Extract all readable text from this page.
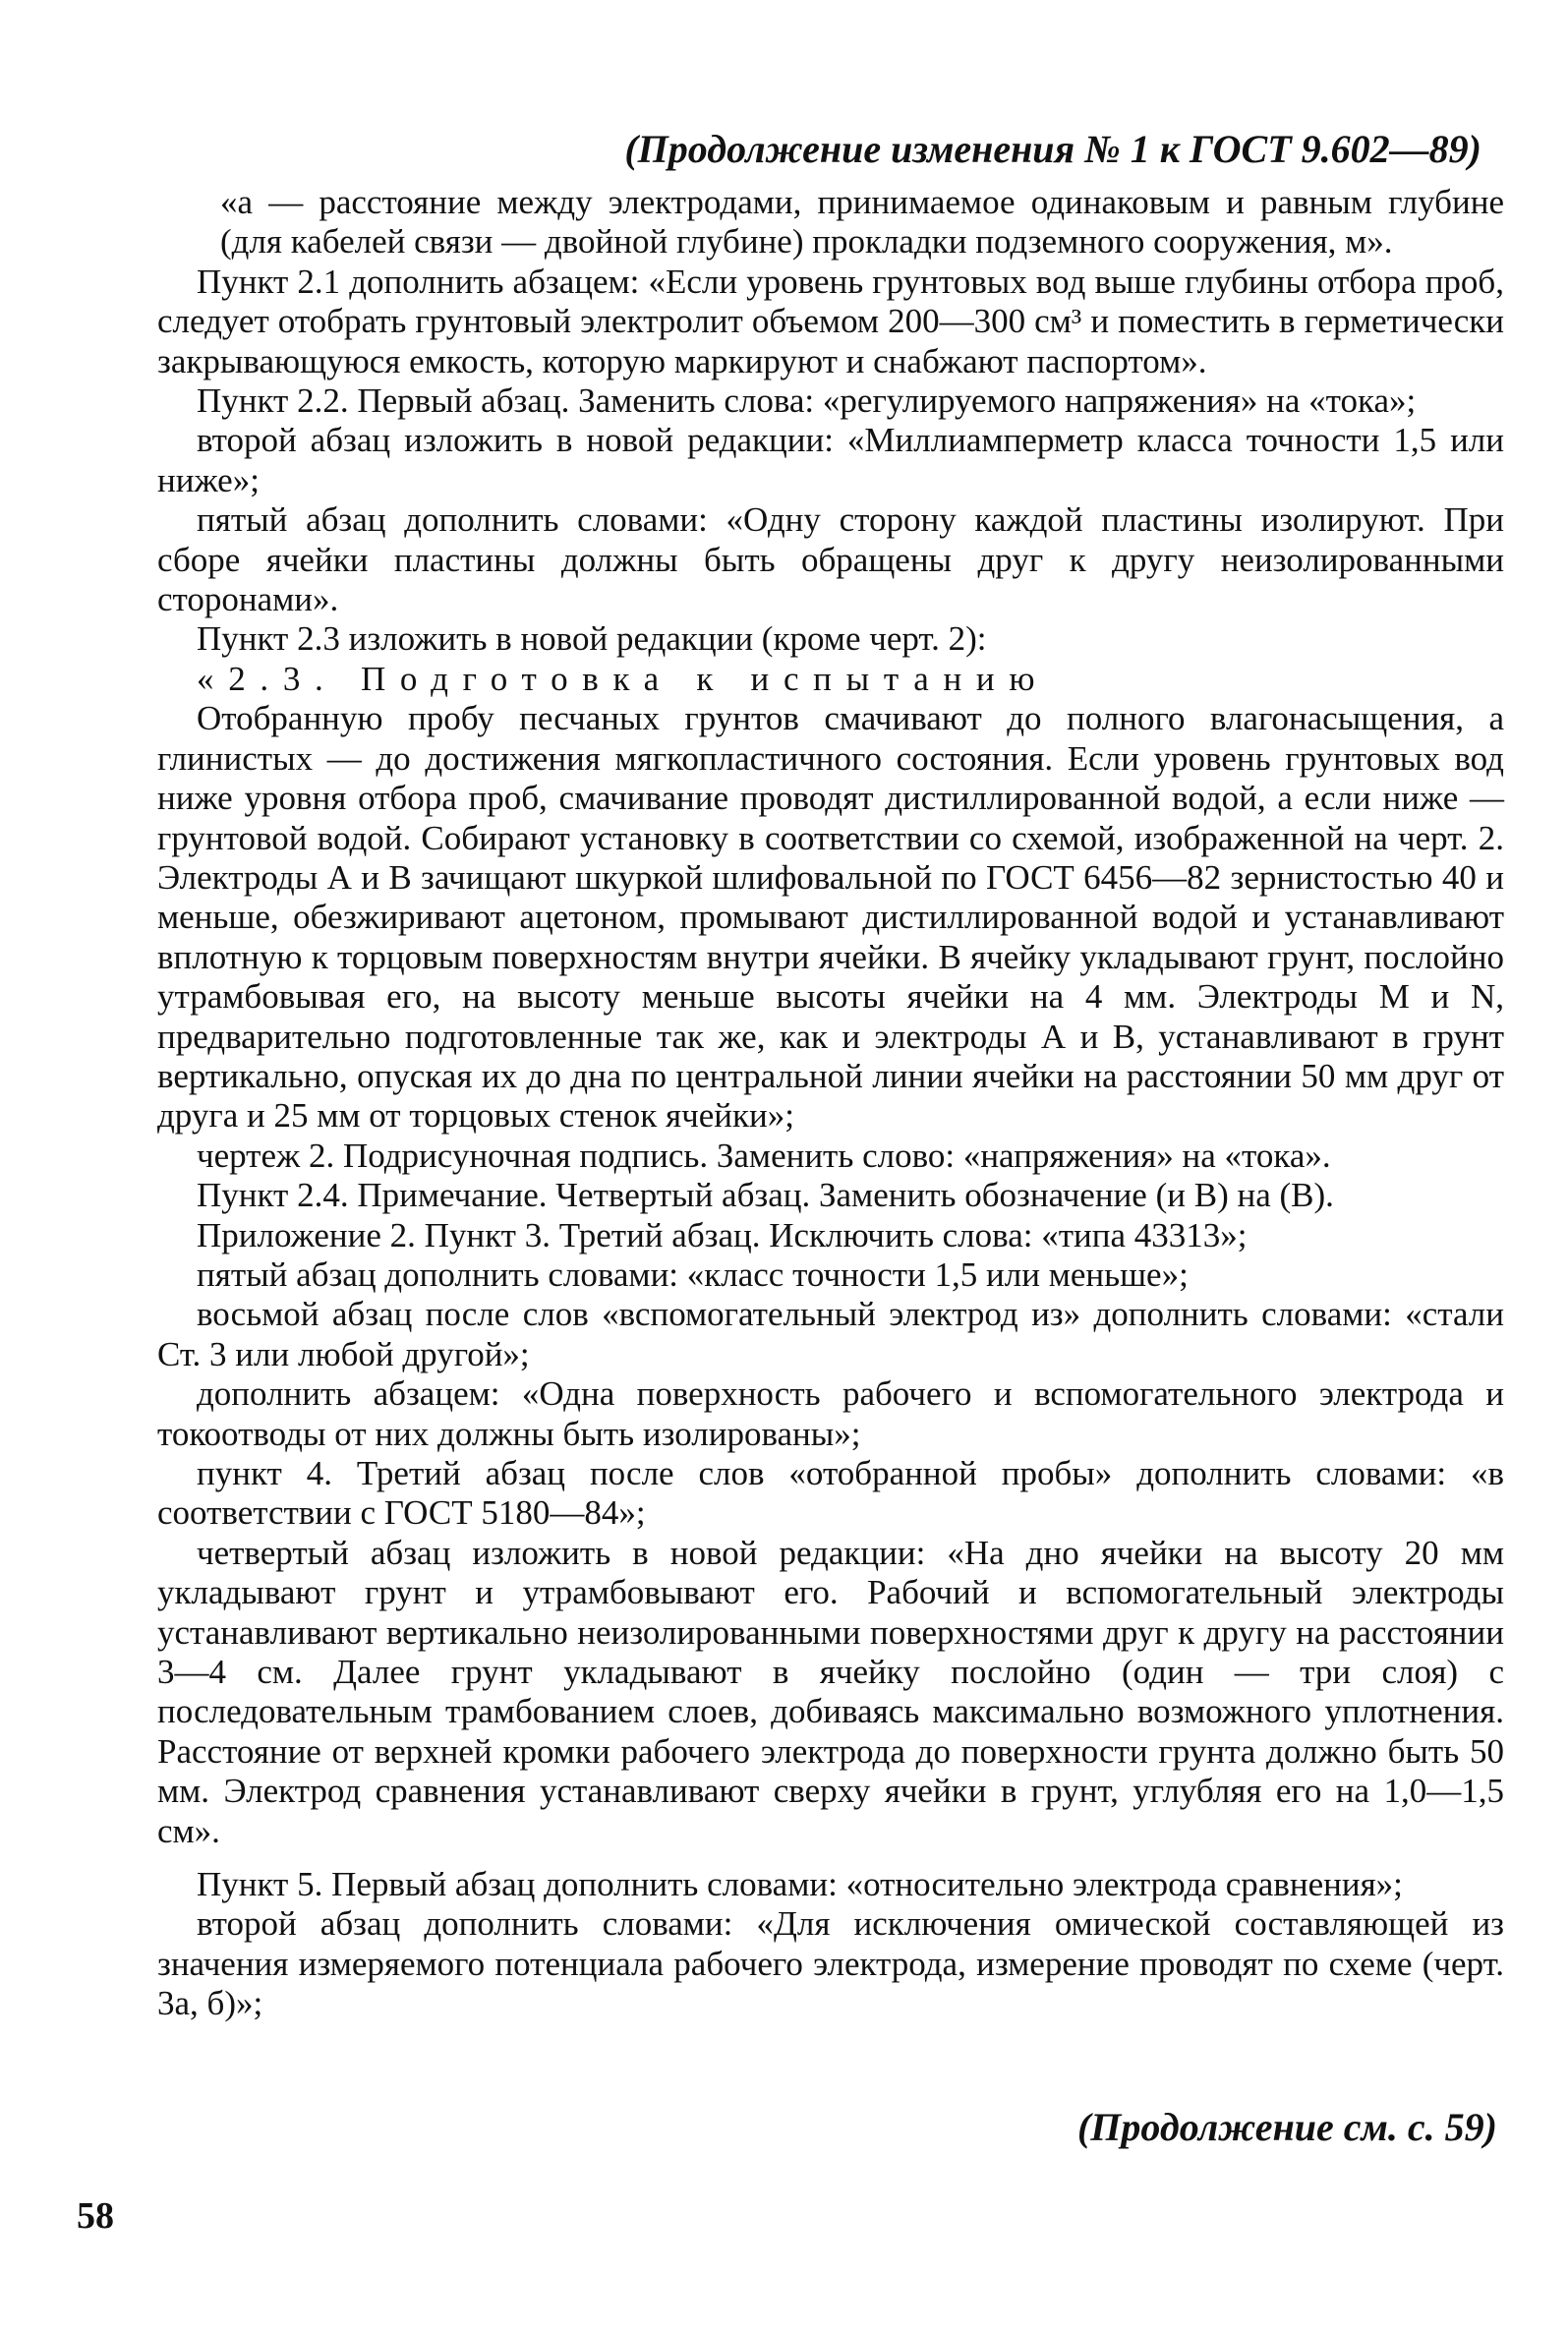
(Продолжение изменения № 1 к ГОСТ 9.602—89)

«а — расстояние между электродами, принимаемое одинаковым и равным глубине (для кабелей связи — двойной глубине) прокладки подземного сооружения, м».

Пункт 2.1 дополнить абзацем: «Если уровень грунтовых вод выше глубины отбора проб, следует отобрать грунтовый электролит объемом 200—300 см³ и поместить в герметически закрывающуюся емкость, которую маркируют и снабжают паспортом».

Пункт 2.2. Первый абзац. Заменить слова: «регулируемого напряжения» на «тока»;

второй абзац изложить в новой редакции: «Миллиамперметр класса точности 1,5 или ниже»;

пятый абзац дополнить словами: «Одну сторону каждой пластины изолируют. При сборе ячейки пластины должны быть обращены друг к другу неизолированными сторонами».

Пункт 2.3 изложить в новой редакции (кроме черт. 2):

«2.3. Подготовка к испытанию

Отобранную пробу песчаных грунтов смачивают до полного влагонасыщения, а глинистых — до достижения мягкопластичного состояния. Если уровень грунтовых вод ниже уровня отбора проб, смачивание проводят дистиллированной водой, а если ниже — грунтовой водой. Собирают установку в соответствии со схемой, изображенной на черт. 2. Электроды А и В зачищают шкуркой шлифовальной по ГОСТ 6456—82 зернистостью 40 и меньше, обезжиривают ацетоном, промывают дистиллированной водой и устанавливают вплотную к торцовым поверхностям внутри ячейки. В ячейку укладывают грунт, послойно утрамбовывая его, на высоту меньше высоты ячейки на 4 мм. Электроды М и N, предварительно подготовленные так же, как и электроды А и В, устанавливают в грунт вертикально, опуская их до дна по центральной линии ячейки на расстоянии 50 мм друг от друга и 25 мм от торцовых стенок ячейки»;

чертеж 2. Подрисуночная подпись. Заменить слово: «напряжения» на «тока».

Пункт 2.4. Примечание. Четвертый абзац. Заменить обозначение (и В) на (В).

Приложение 2. Пункт 3. Третий абзац. Исключить слова: «типа 43313»;

пятый абзац дополнить словами: «класс точности 1,5 или меньше»;

восьмой абзац после слов «вспомогательный электрод из» дополнить словами: «стали Ст. 3 или любой другой»;

дополнить абзацем: «Одна поверхность рабочего и вспомогательного электрода и токоотводы от них должны быть изолированы»;

пункт 4. Третий абзац после слов «отобранной пробы» дополнить словами: «в соответствии с ГОСТ 5180—84»;

четвертый абзац изложить в новой редакции: «На дно ячейки на высоту 20 мм укладывают грунт и утрамбовывают его. Рабочий и вспомогательный электроды устанавливают вертикально неизолированными поверхностями друг к другу на расстоянии 3—4 см. Далее грунт укладывают в ячейку послойно (один — три слоя) с последовательным трамбованием слоев, добиваясь максимально возможного уплотнения. Расстояние от верхней кромки рабочего электрода до поверхности грунта должно быть 50 мм. Электрод сравнения устанавливают сверху ячейки в грунт, углубляя его на 1,0—1,5 см».

Пункт 5. Первый абзац дополнить словами: «относительно электрода сравнения»;

второй абзац дополнить словами: «Для исключения омической составляющей из значения измеряемого потенциала рабочего электрода, измерение проводят по схеме (черт. 3а, б)»;

(Продолжение см. с. 59)
58
